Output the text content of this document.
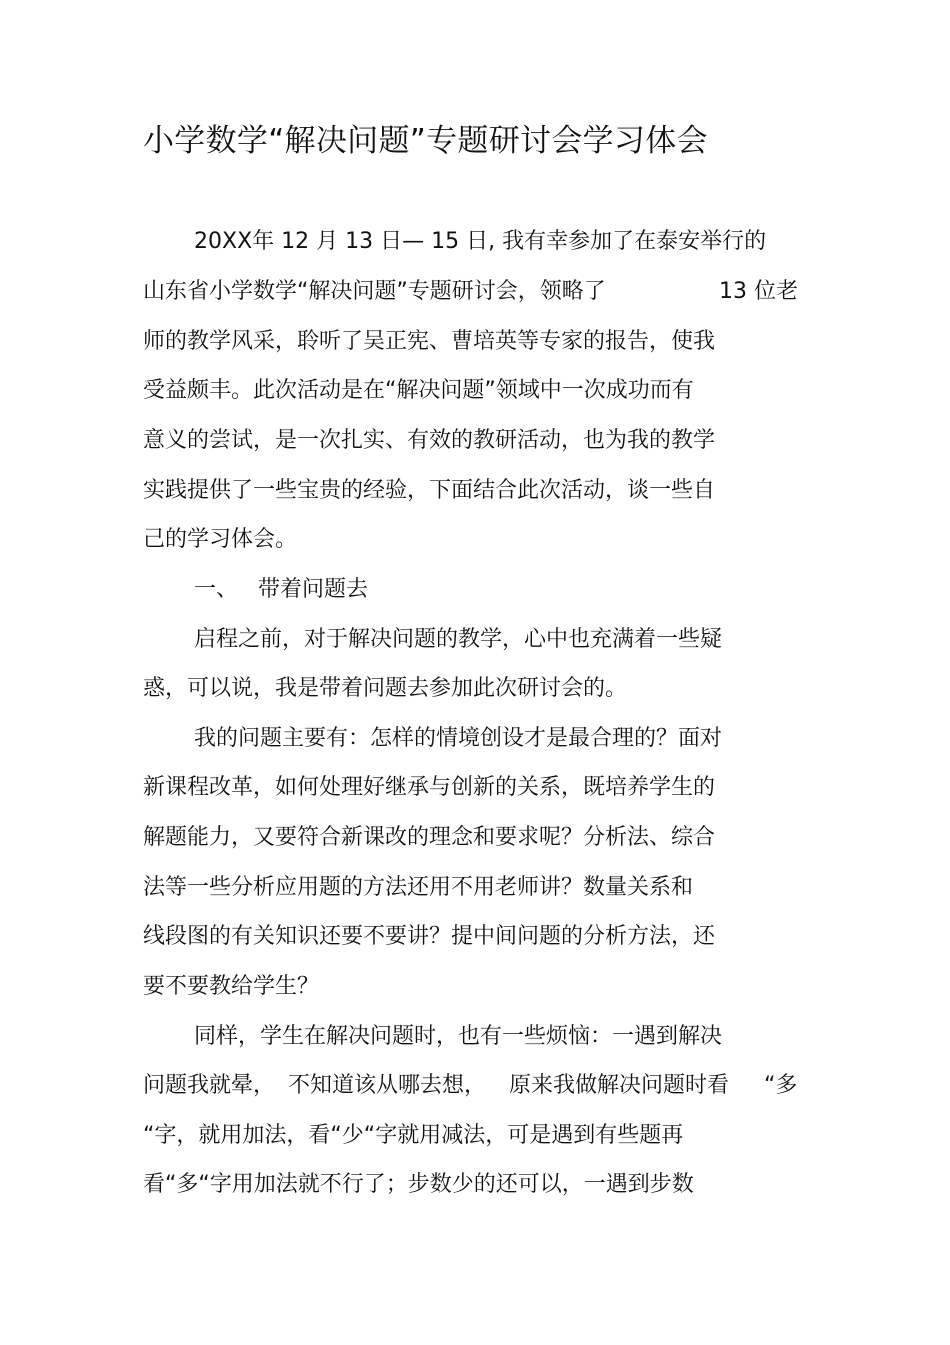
小学数学“解决问题”专题研讨会学习体会
20XX年 12 月 13 日— 15 日, 我有幸参加了在泰安举行的
山东省小学数学“解决问题”专题研讨会，领略了	13 位老
师的教学风采，聆听了吴正宪、曹培英等专家的报告，使我
受益颇丰。此次活动是在“解决问题”领域中一次成功而有
意义的尝试，是一次扎实、有效的教研活动，也为我的教学
实践提供了一些宝贵的经验，下面结合此次活动，谈一些自
己的学习体会。
一、 带着问题去
启程之前，对于解决问题的教学，心中也充满着一些疑
惑，可以说，我是带着问题去参加此次研讨会的。
我的问题主要有：怎样的情境创设才是最合理的？面对
新课程改革，如何处理好继承与创新的关系，既培养学生的
解题能力，又要符合新课改的理念和要求呢？分析法、综合
法等一些分析应用题的方法还用不用老师讲？数量关系和
线段图的有关知识还要不要讲？提中间问题的分析方法，还
要不要教给学生？
同样，学生在解决问题时，也有一些烦恼：一遇到解决
问题我就晕， 不知道该从哪去想， 原来我做解决问题时看 “多
“字，就用加法，看“少“字就用减法，可是遇到有些题再
看“多“字用加法就不行了；步数少的还可以，一遇到步数
